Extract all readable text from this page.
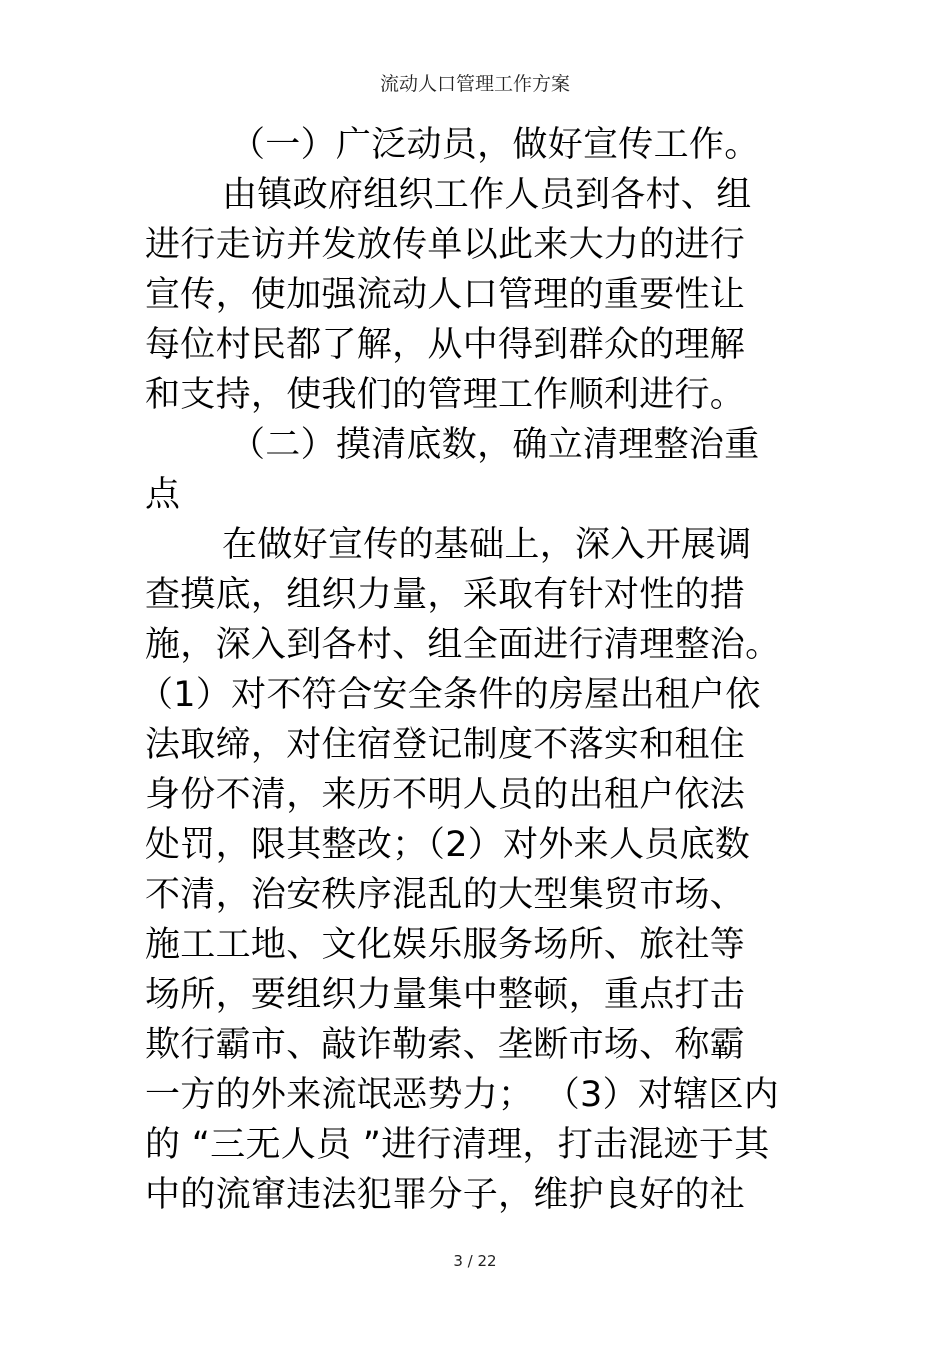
流动人口管理工作方案
（一）广泛动员，做好宣传工作。
由镇政府组织工作人员到各村、组
进行走访并发放传单以此来大力的进行
宣传，使加强流动人口管理的重要性让
每位村民都了解，从中得到群众的理解
和支持，使我们的管理工作顺利进行。
（二）摸清底数，确立清理整治重
点
在做好宣传的基础上，深入开展调
查摸底，组织力量，采取有针对性的措
施，深入到各村、组全面进行清理整治。
（1）对不符合安全条件的房屋出租户依
法取缔，对住宿登记制度不落实和租住
身份不清，来历不明人员的出租户依法
处罚，限其整改；（2）对外来人员底数
不清，治安秩序混乱的大型集贸市场、
施工工地、文化娱乐服务场所、旅社等
场所，要组织力量集中整顿，重点打击
欺行霸市、敲诈勒索、垄断市场、称霸
一方的外来流氓恶势力； （3）对辖区内
的 “三无人员 ”进行清理，打击混迹于其
中的流窜违法犯罪分子，维护良好的社
3 / 22
